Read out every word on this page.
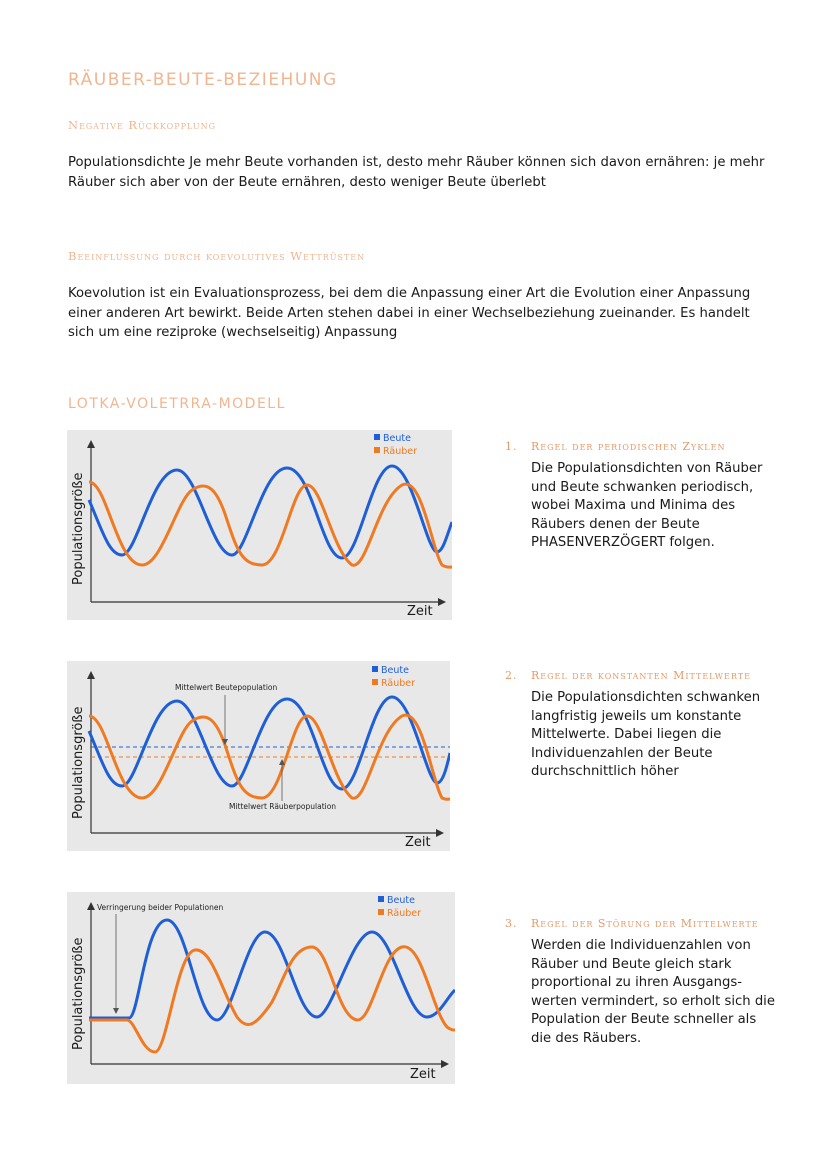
RÄUBER-BEUTE-BEZIEHUNG
Negative Rückkopplung
Populationsdichte Je mehr Beute vorhanden ist, desto mehr Räuber können sich davon ernähren: je mehr Räuber sich aber von der Beute ernähren, desto weniger Beute überlebt
Beeinflussung durch koevolutives Wettrüsten
Koevolution ist ein Evaluationsprozess, bei dem die Anpassung einer Art die Evolution einer Anpassung einer anderen Art bewirkt. Beide Arten stehen dabei in einer Wechselbeziehung zueinander. Es handelt sich um eine reziproke (wechselseitig) Anpassung
LOTKA-VOLETRRA-MODELL
Beute
Räuber
Populationsgröße
Zeit
Mittelwert Beutepopulation
Mittelwert Räuberpopulation
Beute
Räuber
Populationsgröße
Zeit
Verringerung beider Populationen
Beute
Räuber
Populationsgröße
Zeit
1. Regel der periodischen Zyklen
Die Populationsdichten von Räuber und Beute schwanken periodisch, wobei Maxima und Minima des Räubers denen der Beute PHASENVERZÖGERT folgen.
2. Regel der konstanten Mittelwerte
Die Populationsdichten schwanken langfristig jeweils um konstante Mittelwerte. Dabei liegen die Individuenzahlen der Beute durchschnittlich höher
3. Regel der Störung der Mittelwerte
Werden die Individuenzahlen von Räuber und Beute gleich stark proportional zu ihren Ausgangs-werten vermindert, so erholt sich die Population der Beute schneller als die des Räubers.
